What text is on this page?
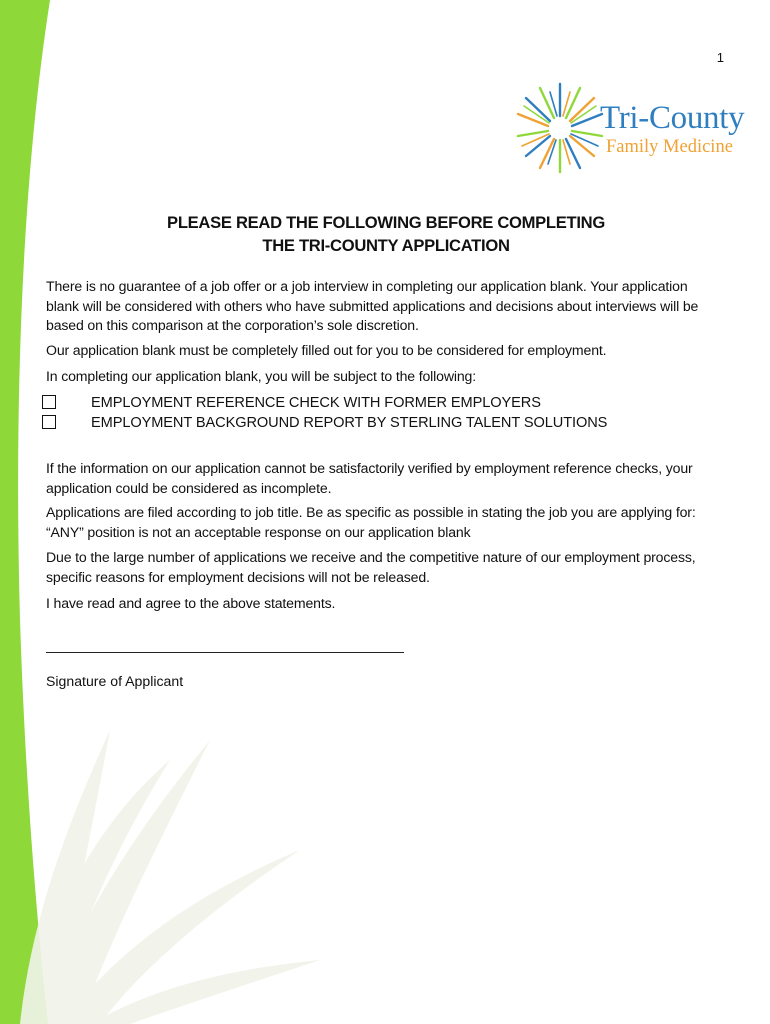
1
Tri-County
Family Medicine
PLEASE READ THE FOLLOWING BEFORE COMPLETING
THE TRI-COUNTY APPLICATION
There is no guarantee of a job offer or a job interview in completing our application blank. Your application blank will be considered with others who have submitted applications and decisions about interviews will be based on this comparison at the corporation’s sole discretion.
Our application blank must be completely filled out for you to be considered for employment.
In completing our application blank, you will be subject to the following:
EMPLOYMENT REFERENCE CHECK WITH FORMER EMPLOYERS
EMPLOYMENT BACKGROUND REPORT BY STERLING TALENT SOLUTIONS
If the information on our application cannot be satisfactorily verified by employment reference checks, your application could be considered as incomplete.
Applications are filed according to job title. Be as specific as possible in stating the job you are applying for: “ANY” position is not an acceptable response on our application blank
Due to the large number of applications we receive and the competitive nature of our employment process, specific reasons for employment decisions will not be released.
I have read and agree to the above statements.
Signature of Applicant
